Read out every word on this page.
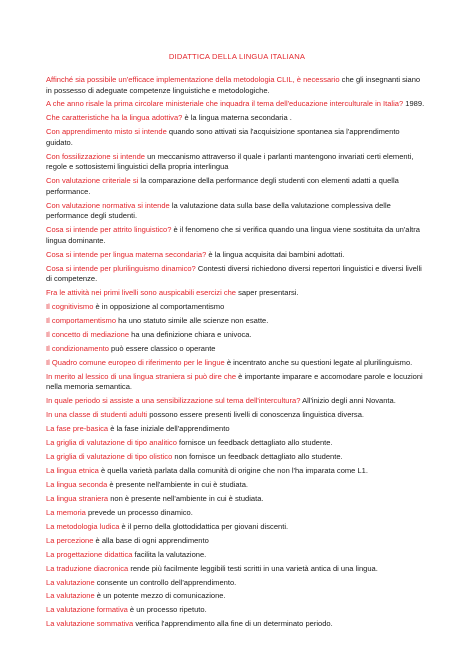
DIDATTICA DELLA LINGUA ITALIANA
Affinché sia possibile un'efficace implementazione della metodologia CLIL, è necessario che gli insegnanti siano in possesso di adeguate competenze linguistiche e metodologiche.
A che anno risale la prima circolare ministeriale che inquadra il tema dell'educazione interculturale in Italia? 1989.
Che caratteristiche ha la lingua adottiva? è la lingua materna secondaria .
Con apprendimento misto si intende quando sono attivati sia l'acquisizione spontanea sia l'apprendimento guidato.
Con fossilizzazione si intende un meccanismo attraverso il quale i parlanti mantengono invariati certi elementi, regole e sottosistemi linguistici della propria interlingua
Con valutazione criteriale si la comparazione della performance degli studenti con elementi adatti a quella performance.
Con valutazione normativa si intende la valutazione data sulla base della valutazione complessiva delle performance degli studenti.
Cosa si intende per attrito linguistico? è il fenomeno che si verifica quando una lingua viene sostituita da un'altra lingua dominante.
Cosa si intende per lingua materna secondaria? è la lingua acquisita dai bambini adottati.
Cosa si intende per plurilinguismo dinamico? Contesti diversi richiedono diversi repertori linguistici e diversi livelli di competenze.
Fra le attività nei primi livelli sono auspicabili esercizi che saper presentarsi.
Il cognitivismo è in opposizione al comportamentismo
Il comportamentismo ha uno statuto simile alle scienze non esatte.
Il concetto di mediazione ha una definizione chiara e univoca.
Il condizionamento può essere classico o operante
Il Quadro comune europeo di riferimento per le lingue è incentrato anche su questioni legate al plurilinguismo.
In merito al lessico di una lingua straniera si può dire che è importante imparare e accomodare parole e locuzioni nella memoria semantica.
In quale periodo si assiste a una sensibilizzazione sul tema dell'intercultura? All'inizio degli anni Novanta.
In una classe di studenti adulti possono essere presenti livelli di conoscenza linguistica diversa.
La fase pre-basica è la fase iniziale dell'apprendimento
La griglia di valutazione di tipo analitico fornisce un feedback dettagliato allo studente.
La griglia di valutazione di tipo olistico non fornisce un feedback dettagliato allo studente.
La lingua etnica è quella varietà parlata dalla comunità di origine che non l'ha imparata come L1.
La lingua seconda è presente nell'ambiente in cui è studiata.
La lingua straniera non è presente nell'ambiente in cui è studiata.
La memoria prevede un processo dinamico.
La metodologia ludica è il perno della glottodidattica per giovani discenti.
La percezione è alla base di ogni apprendimento
La progettazione didattica facilita la valutazione.
La traduzione diacronica rende più facilmente leggibili testi scritti in una varietà antica di una lingua.
La valutazione consente un controllo dell'apprendimento.
La valutazione è un potente mezzo di comunicazione.
La valutazione formativa è un processo ripetuto.
La valutazione sommativa verifica l'apprendimento alla fine di un determinato periodo.
